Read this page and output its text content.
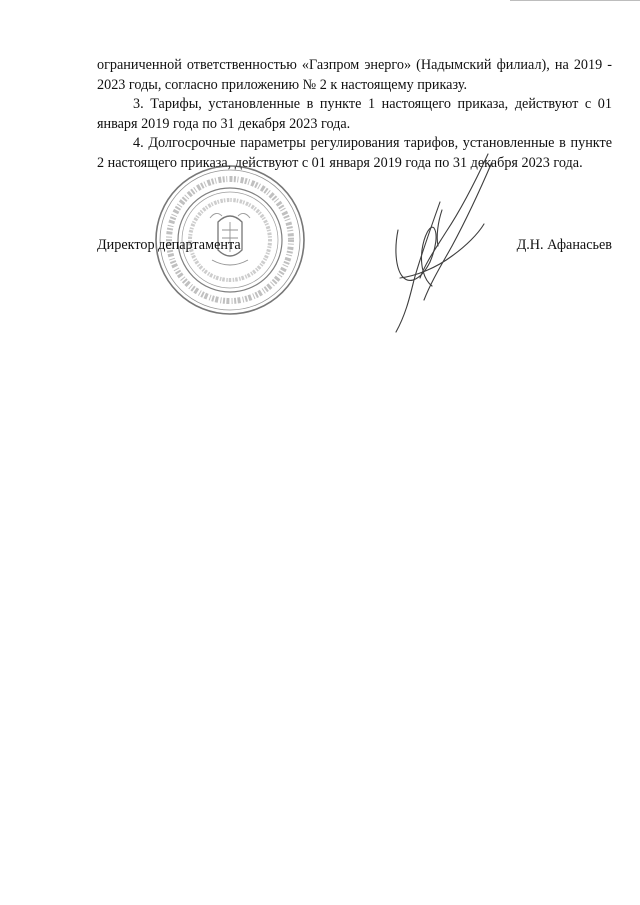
ограниченной ответственностью «Газпром энерго» (Надымский филиал), на 2019 - 2023 годы, согласно приложению № 2 к настоящему приказу.

3. Тарифы, установленные в пункте 1 настоящего приказа, действуют с 01 января 2019 года по 31 декабря 2023 года.

4. Долгосрочные параметры регулирования тарифов, установленные в пункте 2 настоящего приказа, действуют с 01 января 2019 года по 31 декабря 2023 года.

Директор департамента	Д.Н. Афанасьев
